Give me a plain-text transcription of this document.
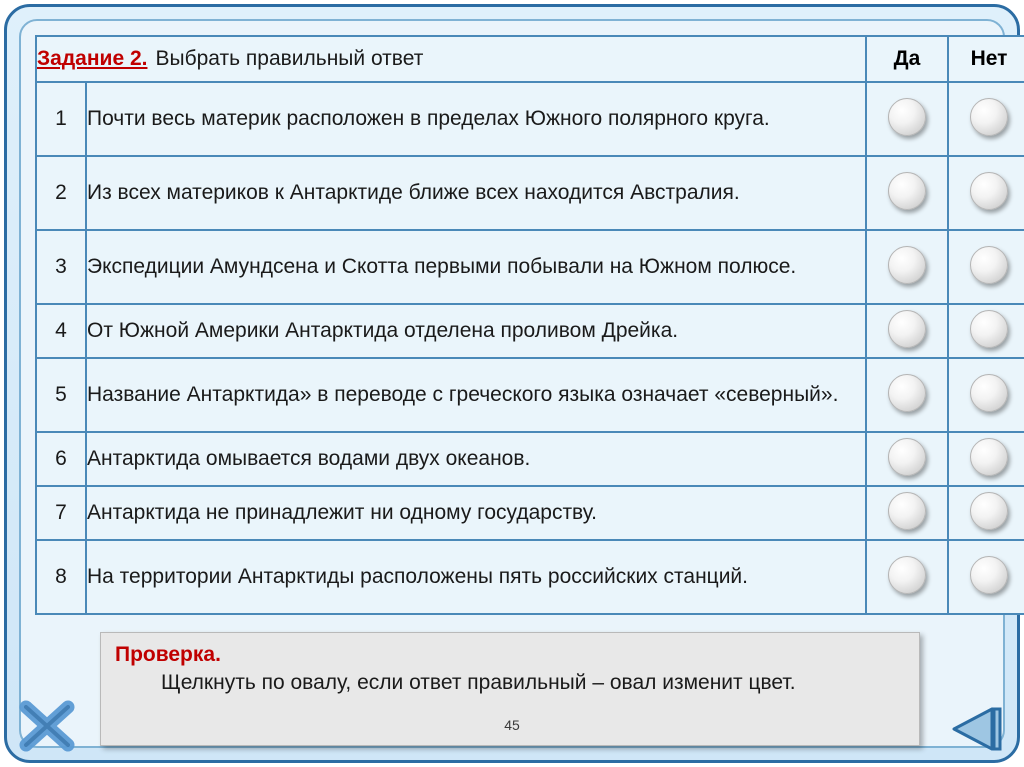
Задание 2. Выбрать правильный ответ		Да	Нет
1	Почти весь материк расположен в пределах Южного полярного круга.		
2	Из всех материков к Антарктиде ближе всех находится Австралия.		
3	Экспедиции Амундсена и Скотта первыми побывали на Южном полюсе.		
4	От Южной Америки Антарктида отделена проливом Дрейка.		
5	Название Антарктида» в переводе с греческого языка означает «северный».		
6	Антарктида омывается водами двух океанов.		
7	Антарктида не принадлежит ни одному государству.		
8	На территории Антарктиды расположены пять российских станций.		
Проверка.
Щелкнуть по овалу, если ответ правильный – овал изменит цвет.
45
